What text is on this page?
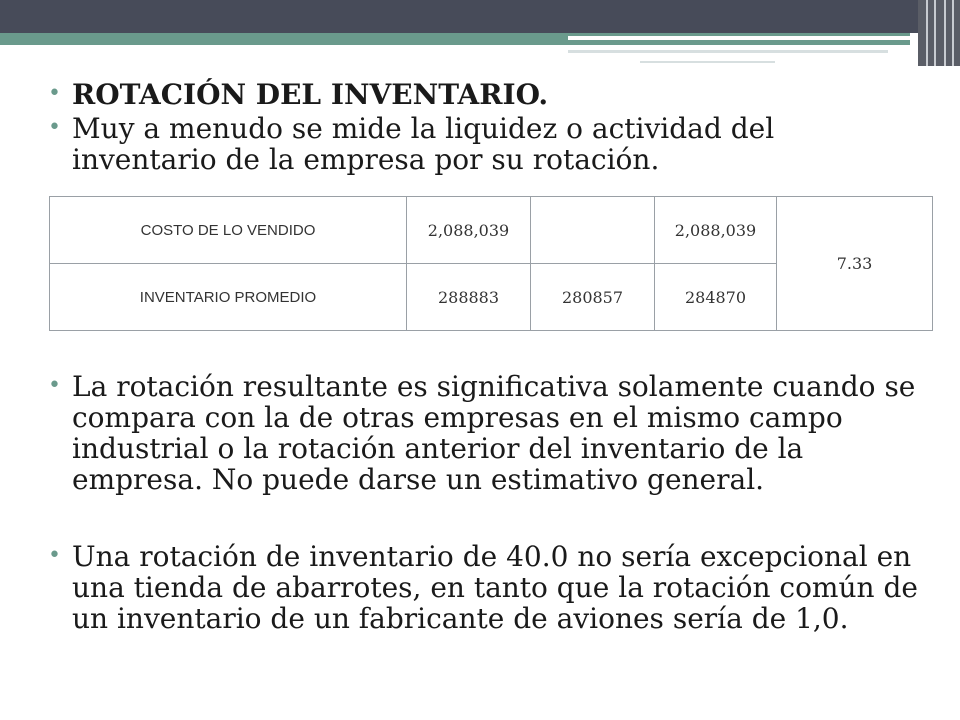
• ROTACIÓN DEL INVENTARIO.
• Muy a menudo se mide la liquidez o actividad del inventario de la empresa por su rotación.
COSTO DE LO VENDIDO	2,088,039		2,088,039	7.33
INVENTARIO PROMEDIO	288883	280857	284870	
• La rotación resultante es significativa solamente cuando se compara con la de otras empresas en el mismo campo industrial o la rotación anterior del inventario de la empresa. No puede darse un estimativo general.
• Una rotación de inventario de 40.0 no sería excepcional en una tienda de abarrotes, en tanto que la rotación común de un inventario de un fabricante de aviones sería de 1,0.
